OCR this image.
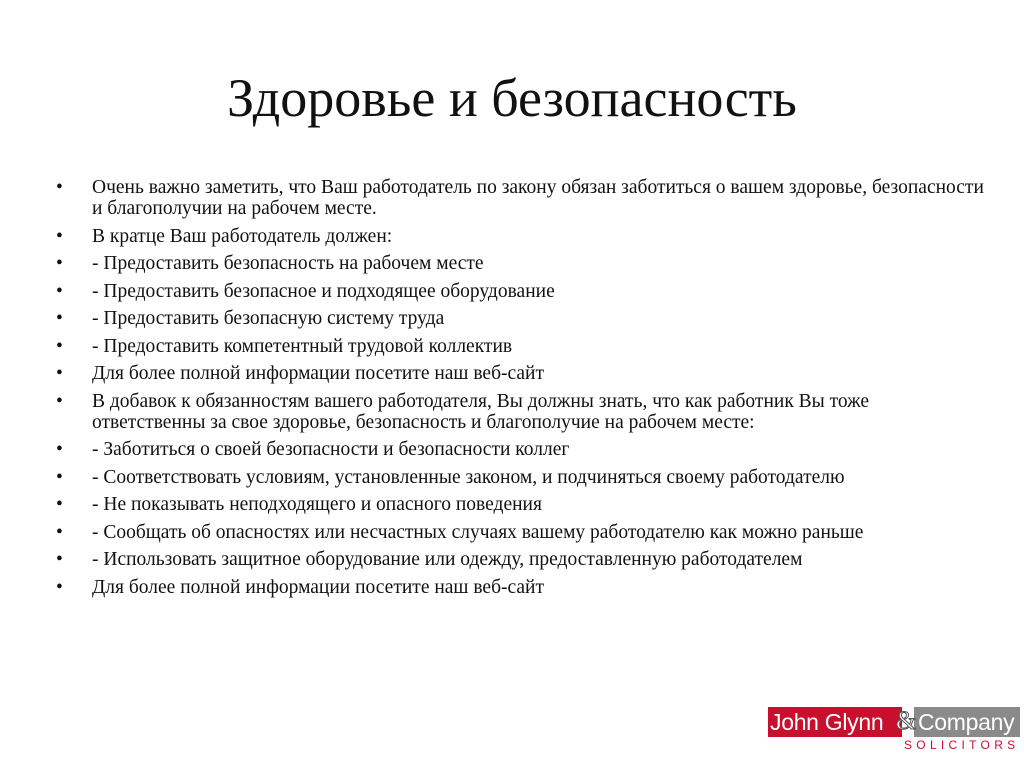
Здоровье и безопасность
•	Очень важно заметить, что Ваш работодатель по закону обязан заботиться о вашем здоровье, безопасности и благополучии на рабочем месте.
•	В кратце Ваш работодатель должен:
•	- Предоставить безопасность на рабочем месте
•	- Предоставить безопасное и подходящее оборудование
•	- Предоставить безопасную систему труда
•	- Предоставить компетентный трудовой коллектив
•	Для более полной информации посетите наш веб-сайт
•	В добавок к обязанностям вашего работодателя, Вы должны знать, что как работник Вы тоже ответственны за свое здоровье, безопасность и благополучие на рабочем месте:
•	- Заботиться о своей безопасности и безопасности коллег
•	- Соответствовать условиям, установленные законом, и подчиняться своему работодателю
•	- Не показывать неподходящего и опасного поведения
•	- Сообщать об опасностях или несчастных случаях вашему работодателю как можно раньше
•	- Использовать защитное оборудование или одежду, предоставленную работодателем
•	Для более полной информации посетите наш веб-сайт
John Glynn	Company
&
SOLICITORS
